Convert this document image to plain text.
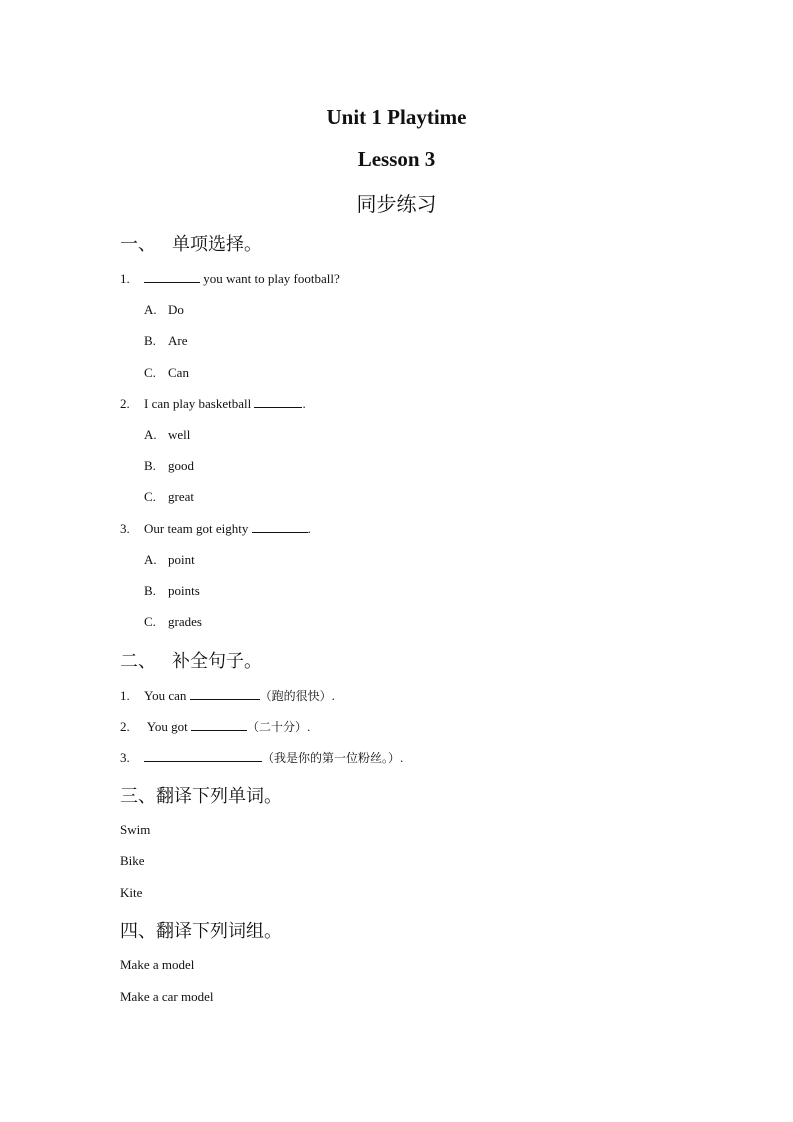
Unit 1 Playtime
Lesson 3
同步练习
一、 单项选择。
1.	you want to play football?
A. Do
B. Are
C. Can
2. I can play basketball	.
A. well
B. good
C. great
3. Our team got eighty	.
A. point
B. points
C. grades
二、 补全句子。
1. You can	（跑的很快）.
2. You got	（二十分）.
3.	（我是你的第一位粉丝。）.
三、翻译下列单词。
Swim
Bike
Kite
四、翻译下列词组。
Make a model
Make a car model
